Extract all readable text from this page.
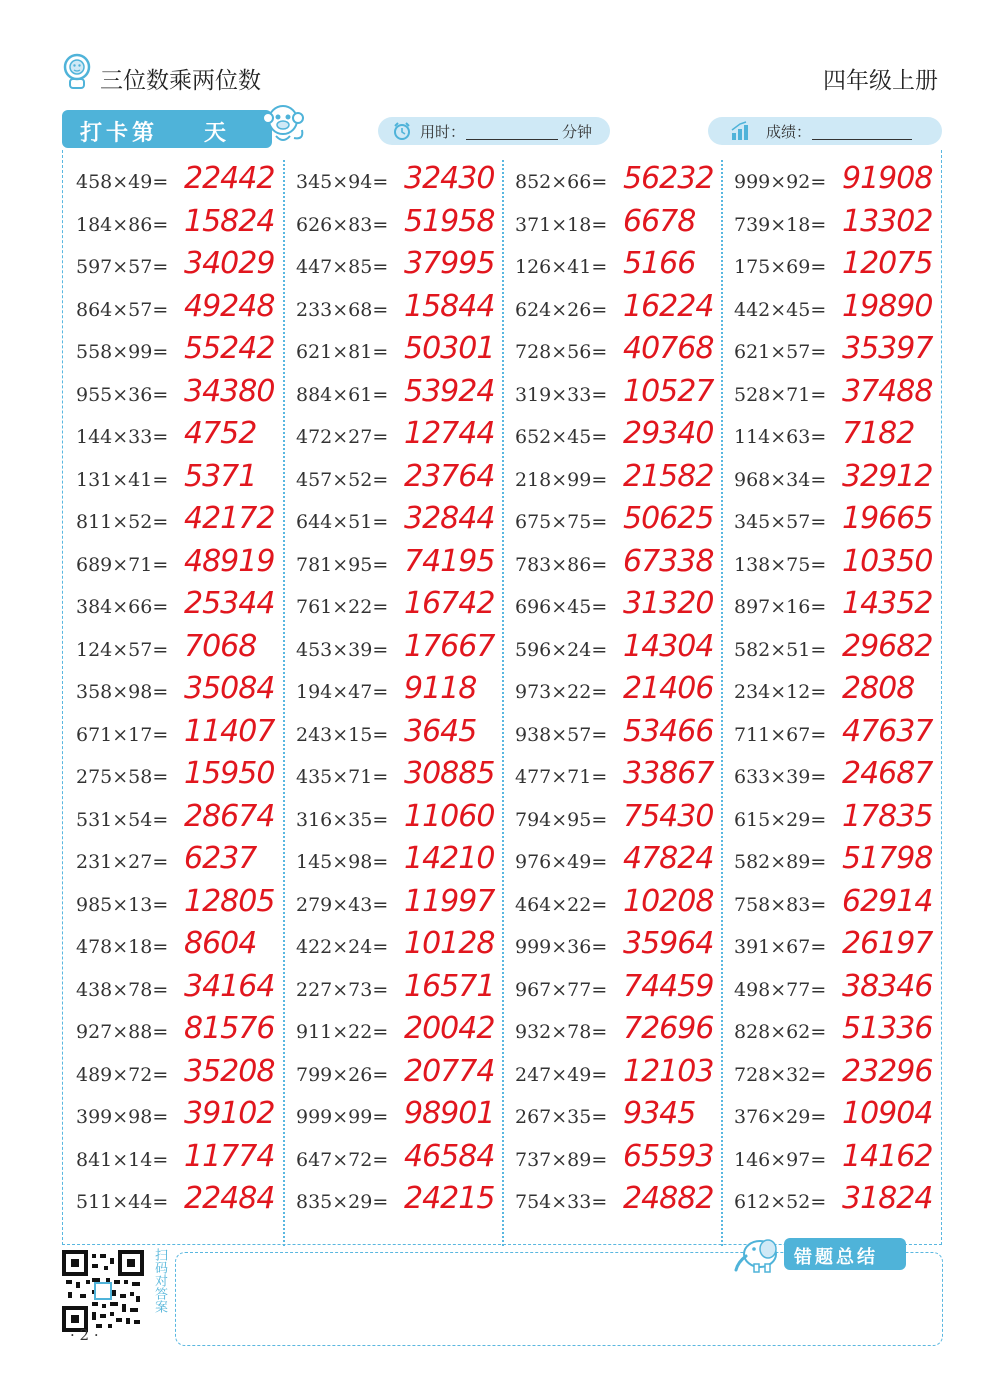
三位数乘两位数	四年级上册
打卡第 天	用时：	分钟	成绩：
458×49= 22442
184×86= 15824
597×57= 34029
864×57= 49248
558×99= 55242
955×36= 34380
144×33= 4752
131×41= 5371
811×52= 42172
689×71= 48919
384×66= 25344
124×57= 7068
358×98= 35084
671×17= 11407
275×58= 15950
531×54= 28674
231×27= 6237
985×13= 12805
478×18= 8604
438×78= 34164
927×88= 81576
489×72= 35208
399×98= 39102
841×14= 11774
511×44= 22484
345×94= 32430
626×83= 51958
447×85= 37995
233×68= 15844
621×81= 50301
884×61= 53924
472×27= 12744
457×52= 23764
644×51= 32844
781×95= 74195
761×22= 16742
453×39= 17667
194×47= 9118
243×15= 3645
435×71= 30885
316×35= 11060
145×98= 14210
279×43= 11997
422×24= 10128
227×73= 16571
911×22= 20042
799×26= 20774
999×99= 98901
647×72= 46584
835×29= 24215
852×66= 56232
371×18= 6678
126×41= 5166
624×26= 16224
728×56= 40768
319×33= 10527
652×45= 29340
218×99= 21582
675×75= 50625
783×86= 67338
696×45= 31320
596×24= 14304
973×22= 21406
938×57= 53466
477×71= 33867
794×95= 75430
976×49= 47824
464×22= 10208
999×36= 35964
967×77= 74459
932×78= 72696
247×49= 12103
267×35= 9345
737×89= 65593
754×33= 24882
999×92= 91908
739×18= 13302
175×69= 12075
442×45= 19890
621×57= 35397
528×71= 37488
114×63= 7182
968×34= 32912
345×57= 19665
138×75= 10350
897×16= 14352
582×51= 29682
234×12= 2808
711×67= 47637
633×39= 24687
615×29= 17835
582×89= 51798
758×83= 62914
391×67= 26197
498×77= 38346
828×62= 51336
728×32= 23296
376×29= 10904
146×97= 14162
612×52= 31824
扫码对答案
· 2 ·
错题总结
